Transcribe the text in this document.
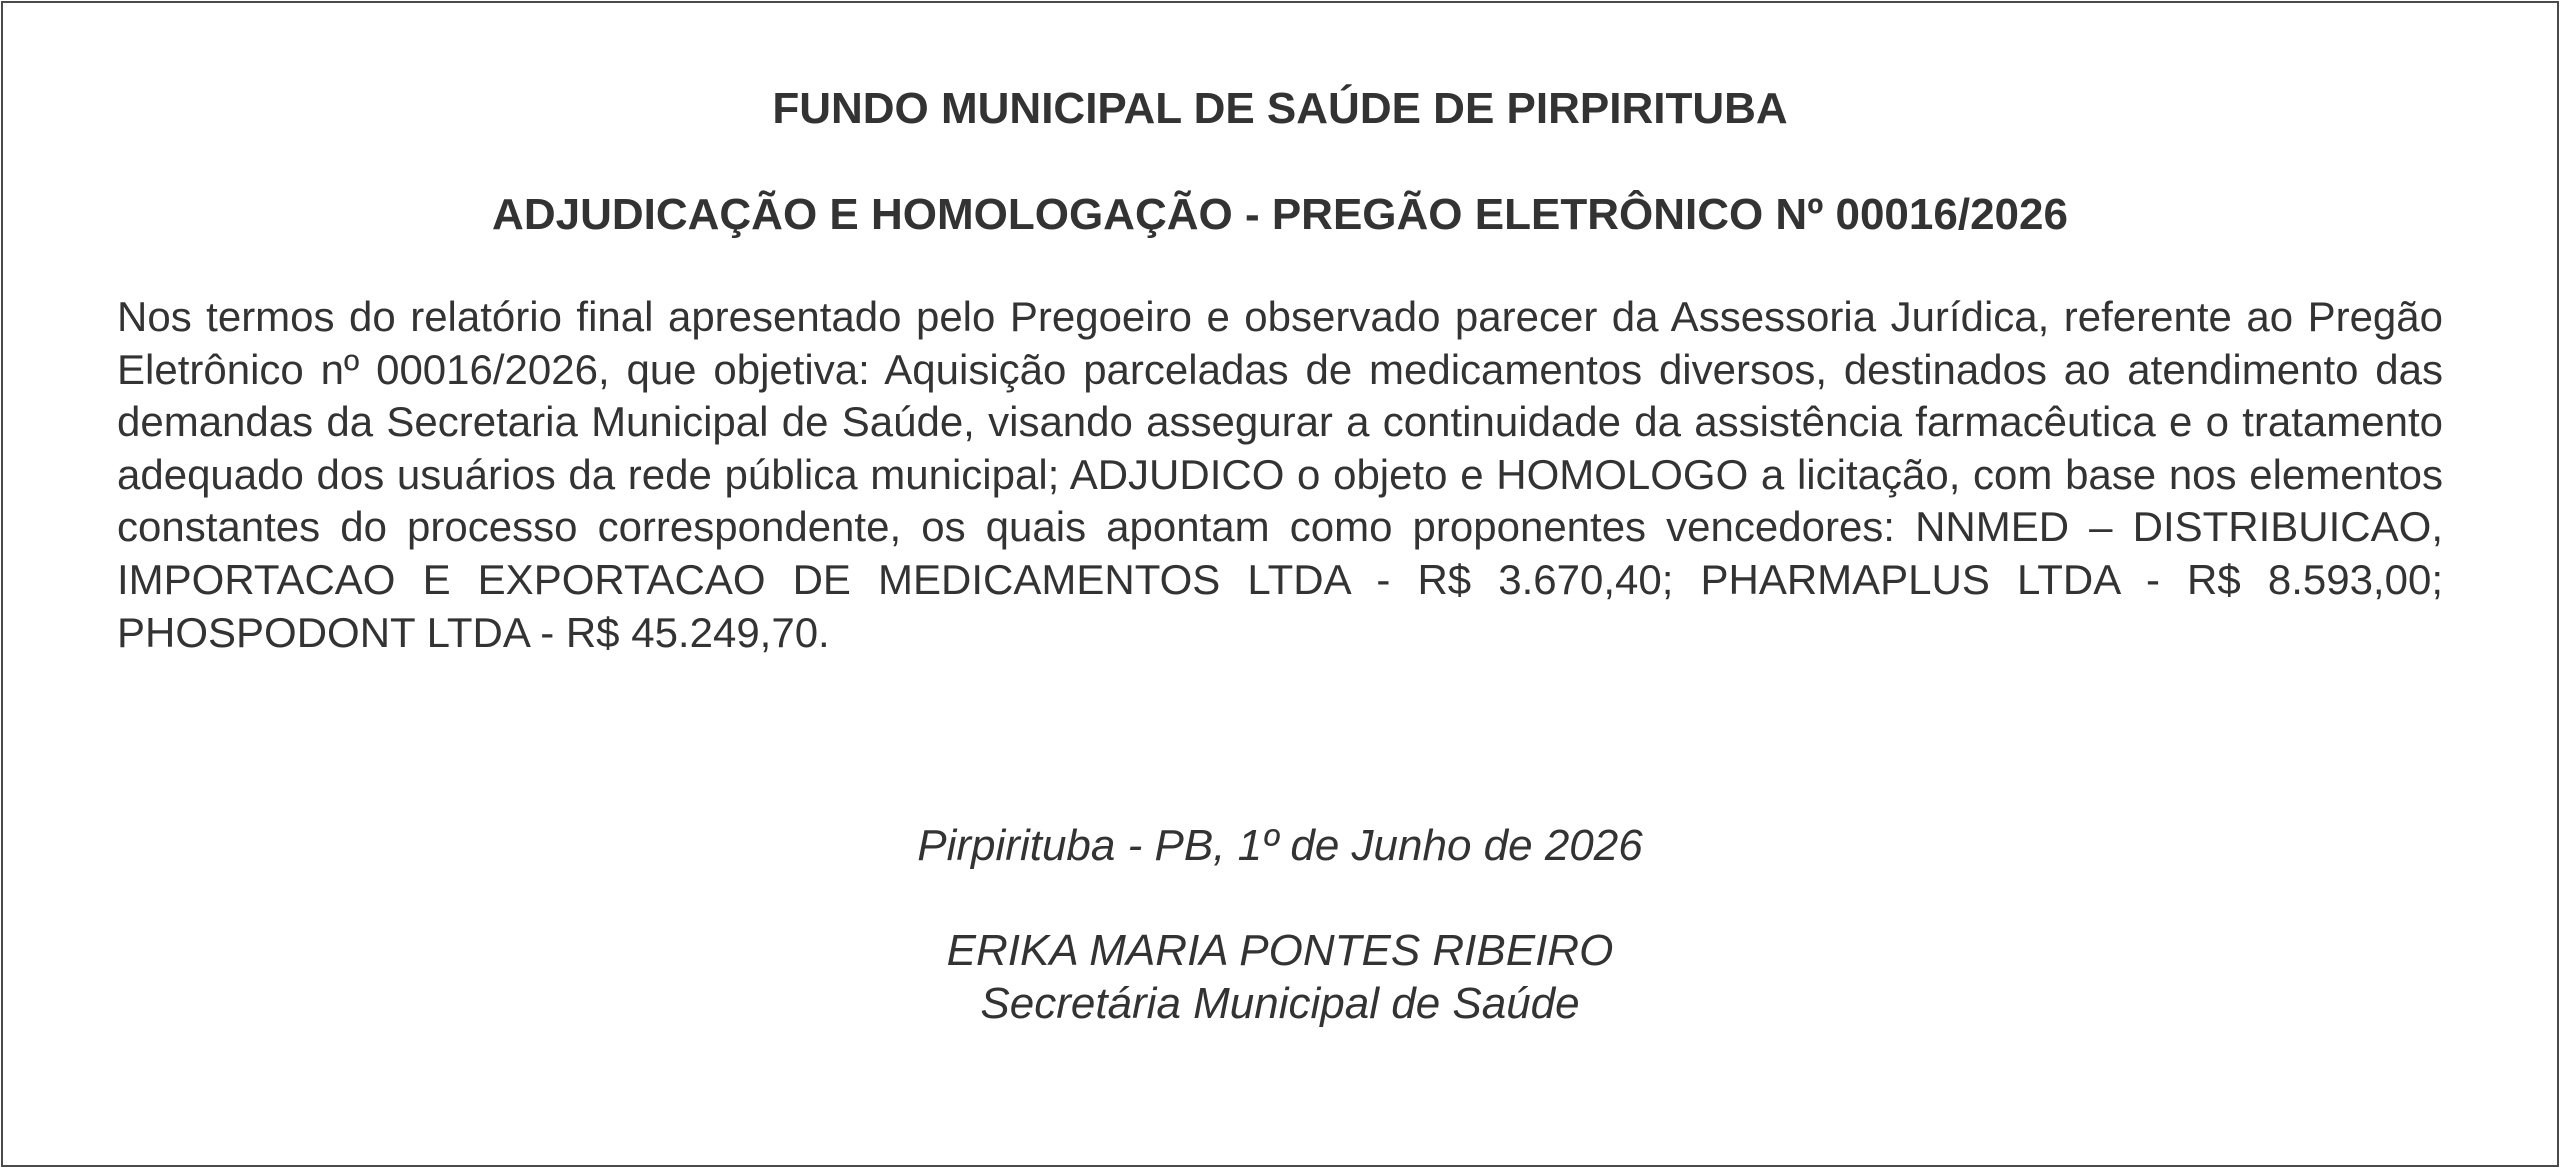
FUNDO MUNICIPAL DE SAÚDE DE PIRPIRITUBA
ADJUDICAÇÃO E HOMOLOGAÇÃO - PREGÃO ELETRÔNICO Nº 00016/2026

Nos termos do relatório final apresentado pelo Pregoeiro e observado parecer da Assessoria Jurídica, referente ao Pregão Eletrônico nº 00016/2026, que objetiva: Aquisição parceladas de medicamentos diversos, destinados ao atendimento das demandas da Secretaria Municipal de Saúde, visando assegurar a continuidade da assistência farmacêutica e o tratamento adequado dos usuários da rede pública municipal; ADJUDICO o objeto e HOMOLOGO a licitação, com base nos elementos constantes do processo correspondente, os quais apontam como proponentes vencedores: NNMED – DISTRIBUICAO, IMPORTACAO E EXPORTACAO DE MEDICAMENTOS LTDA - R$ 3.670,40; PHARMAPLUS LTDA - R$ 8.593,00; PHOSPODONT LTDA - R$ 45.249,70.

Pirpirituba - PB, 1º de Junho de 2026

ERIKA MARIA PONTES RIBEIRO

Secretária Municipal de Saúde
